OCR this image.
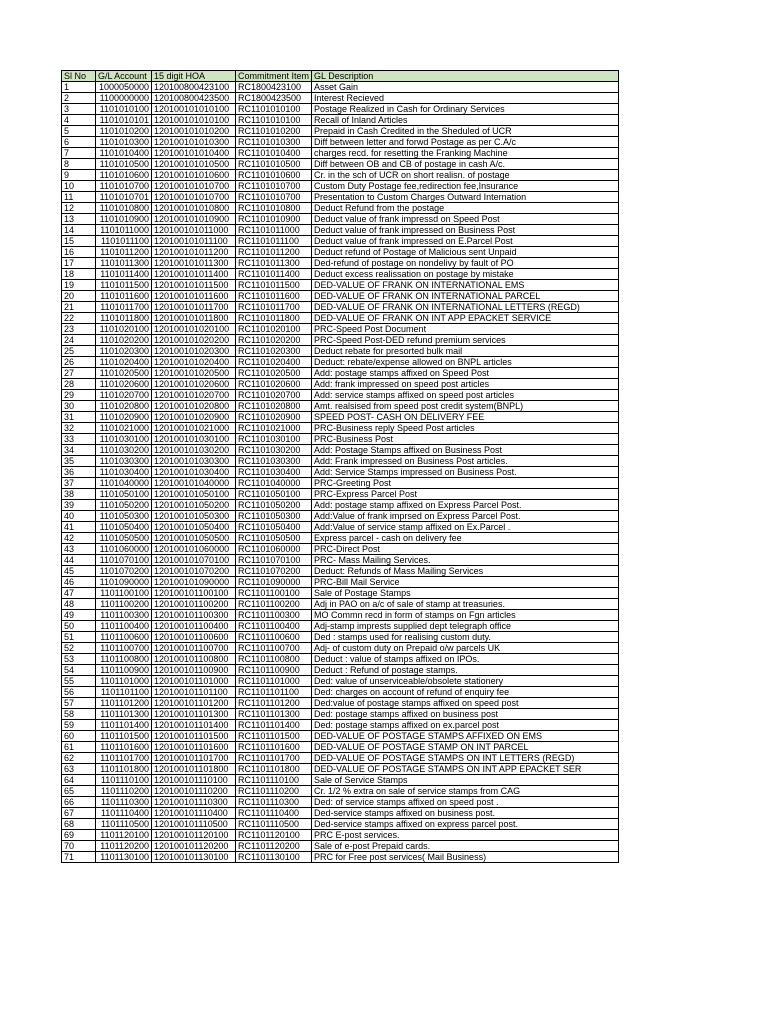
Sl No	G/L Account	15 digit HOA	Commitment Item	GL Description
1	1000050000	120100800423100	RC1800423100	Asset Gain
2	1100000000	120100800423500	RC1800423500	Interest Recieved
3	1101010100	120100101010100	RC1101010100	Postage Realized in Cash for Ordinary Services
4	1101010101	120100101010100	RC1101010100	Recall of Inland Articles
5	1101010200	120100101010200	RC1101010200	Prepaid in Cash Credited in the Sheduled of UCR
6	1101010300	120100101010300	RC1101010300	Diff between letter and forwd Postage as per C.A/c
7	1101010400	120100101010400	RC1101010400	charges recd. for resetting the Franking Machine
8	1101010500	120100101010500	RC1101010500	Diff between OB and CB of postage in cash A/c.
9	1101010600	120100101010600	RC1101010600	Cr. in the sch of UCR on short realisn. of postage
10	1101010700	120100101010700	RC1101010700	Custom Duty Postage fee,redirection fee,Insurance
11	1101010701	120100101010700	RC1101010700	Presentation to Custom Charges Outward Internation
12	1101010800	120100101010800	RC1101010800	Deduct Refund from the postage
13	1101010900	120100101010900	RC1101010900	Deduct value of frank impressd on Speed Post
14	1101011000	120100101011000	RC1101011000	Deduct value of frank impressed on Business Post
15	1101011100	120100101011100	RC1101011100	Deduct value of frank impressed on E.Parcel Post
16	1101011200	120100101011200	RC1101011200	Deduct refund of Postage of Malicious sent Unpaid
17	1101011300	120100101011300	RC1101011300	Ded-refund of postage on nondelivy by fault of PO
18	1101011400	120100101011400	RC1101011400	Deduct excess realissation on postage by mistake
19	1101011500	120100101011500	RC1101011500	DED-VALUE OF FRANK ON INTERNATIONAL EMS
20	1101011600	120100101011600	RC1101011600	DED-VALUE OF FRANK ON INTERNATIONAL PARCEL
21	1101011700	120100101011700	RC1101011700	DED-VALUE OF FRANK ON INTERNATIONAL LETTERS (REGD)
22	1101011800	120100101011800	RC1101011800	DED-VALUE OF FRANK ON INT APP EPACKET SERVICE
23	1101020100	120100101020100	RC1101020100	PRC-Speed Post Document
24	1101020200	120100101020200	RC1101020200	PRC-Speed Post-DED refund premium services
25	1101020300	120100101020300	RC1101020300	Deduct rebate for presorted bulk mail
26	1101020400	120100101020400	RC1101020400	Deduct: rebate/expense allowed on BNPL articles
27	1101020500	120100101020500	RC1101020500	Add: postage stamps affixed on Speed Post
28	1101020600	120100101020600	RC1101020600	Add: frank impressed on speed post articles
29	1101020700	120100101020700	RC1101020700	Add: service stamps affixed on speed post articles
30	1101020800	120100101020800	RC1101020800	Amt. realsised from speed post credit system(BNPL)
31	1101020900	120100101020900	RC1101020900	SPEED POST- CASH ON DELIVERY FEE
32	1101021000	120100101021000	RC1101021000	PRC-Business reply Speed Post articles
33	1101030100	120100101030100	RC1101030100	PRC-Business Post
34	1101030200	120100101030200	RC1101030200	Add: Postage Stamps affixed on Business Post
35	1101030300	120100101030300	RC1101030300	Add: Frank impressed on Business Post articles.
36	1101030400	120100101030400	RC1101030400	Add: Service Stamps impressed on Business Post.
37	1101040000	120100101040000	RC1101040000	PRC-Greeting Post
38	1101050100	120100101050100	RC1101050100	PRC-Express Parcel Post
39	1101050200	120100101050200	RC1101050200	Add: postage stamp affixed on Express Parcel Post.
40	1101050300	120100101050300	RC1101050300	Add:Value of frank imprsed on Express Parcel Post.
41	1101050400	120100101050400	RC1101050400	Add:Value of service stamp affixed on Ex.Parcel .
42	1101050500	120100101050500	RC1101050500	Express parcel - cash on delivery fee
43	1101060000	120100101060000	RC1101060000	PRC-Direct Post
44	1101070100	120100101070100	RC1101070100	PRC- Mass Mailing Services.
45	1101070200	120100101070200	RC1101070200	Deduct: Refunds of Mass Mailing Services
46	1101090000	120100101090000	RC1101090000	PRC-Bill Mail Service
47	1101100100	120100101100100	RC1101100100	Sale of Postage Stamps
48	1101100200	120100101100200	RC1101100200	Adj in PAO on a/c of sale of stamp at treasuries.
49	1101100300	120100101100300	RC1101100300	MO Commn recd in form of stamps on Fgn articles
50	1101100400	120100101100400	RC1101100400	Adj-stamp imprests supplied dept telegraph office
51	1101100600	120100101100600	RC1101100600	Ded : stamps used for realising custom duty.
52	1101100700	120100101100700	RC1101100700	Adj- of custom duty on Prepaid o/w parcels UK
53	1101100800	120100101100800	RC1101100800	Deduct : value of stamps affixed on IPOs.
54	1101100900	120100101100900	RC1101100900	Deduct : Refund of postage stamps.
55	1101101000	120100101101000	RC1101101000	Ded: value of unserviceable/obsolete stationery
56	1101101100	120100101101100	RC1101101100	Ded: charges on account of refund of enquiry fee
57	1101101200	120100101101200	RC1101101200	Ded:value of postage stamps affixed on speed post
58	1101101300	120100101101300	RC1101101300	Ded: postage stamps affixed on business post
59	1101101400	120100101101400	RC1101101400	Ded: postage stamps affixed on ex.parcel post
60	1101101500	120100101101500	RC1101101500	DED-VALUE OF POSTAGE STAMPS AFFIXED ON EMS
61	1101101600	120100101101600	RC1101101600	DED-VALUE OF POSTAGE STAMP ON INT PARCEL
62	1101101700	120100101101700	RC1101101700	DED-VALUE OF POSTAGE STAMPS ON INT LETTERS (REGD)
63	1101101800	120100101101800	RC1101101800	DED-VALUE OF POSTAGE STAMPS ON INT APP EPACKET SER
64	1101110100	120100101110100	RC1101110100	Sale of Service Stamps
65	1101110200	120100101110200	RC1101110200	Cr. 1/2 % extra on sale of service stamps from CAG
66	1101110300	120100101110300	RC1101110300	Ded: of service stamps affixed on speed post .
67	1101110400	120100101110400	RC1101110400	Ded-service stamps affixed on business post.
68	1101110500	120100101110500	RC1101110500	Ded-service stamps affixed on express parcel post.
69	1101120100	120100101120100	RC1101120100	PRC E-post services.
70	1101120200	120100101120200	RC1101120200	Sale of e-post Prepaid cards.
71	1101130100	120100101130100	RC1101130100	PRC for Free post services( Mail Business)
